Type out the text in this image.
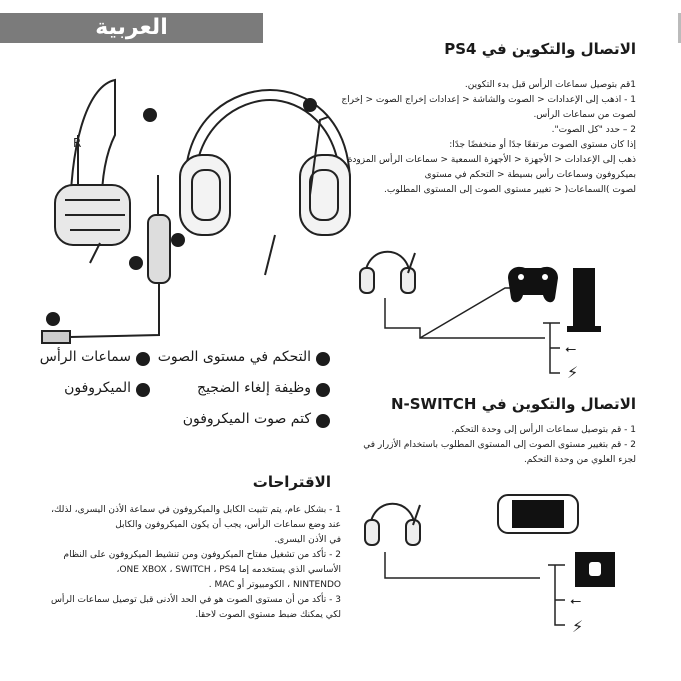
العربية
الاتصال والتكوين في PS4
1قم بتوصيل سماعات الرأس قبل بدء التكوين.
1 - اذهب إلى الإعدادات < الصوت والشاشة < إعدادات إخراج الصوت < إخراج
لصوت من سماعات الرأس.
2 – حدد "كل الصوت".
إذا كان مستوى الصوت مرتفعًا جدًا أو منخفضًا جدًا:
ذهب إلى الإعدادات < الأجهزة < الأجهزة السمعية < سماعات الرأس المزودة
بميكروفون وسماعات رأس بسيطة < التحكم في مستوى
لصوت )السماعات( < تغيير مستوى الصوت إلى المستوى المطلوب.
R
سماعات الرأس التحكم في مستوى الصوت
الميكروفون	وظيفة إلغاء الضجيج
كتم صوت الميكروفون
⭠
⚡
الاتصال والتكوين في N-SWITCH
1 - قم بتوصيل سماعات الرأس إلى وحدة التحكم.
2 - قم بتغيير مستوى الصوت إلى المستوى المطلوب باستخدام الأزرار في
لجزء العلوي من وحدة التحكم.
⭠
⚡
الاقتراحات
1 - بشكل عام، يتم تثبيت الكابل والميكروفون في سماعة الأذن اليسرى، لذلك،
عند وضع سماعات الرأس، يجب أن يكون الميكروفون والكابل
في الأذن اليسرى.
2 - تأكد من تشغيل مفتاح الميكروفون ومن تنشيط الميكروفون على النظام
الأساسي الذي يستخدمه إما ONE XBOX ، SWITCH ، PS4،
NINTENDO ، الكومبيوتر أو MAC .
3 - تأكد من أن مستوى الصوت هو في الحد الأدنى قبل توصيل سماعات الرأس
لكي يمكنك ضبط مستوى الصوت لاحقا.
